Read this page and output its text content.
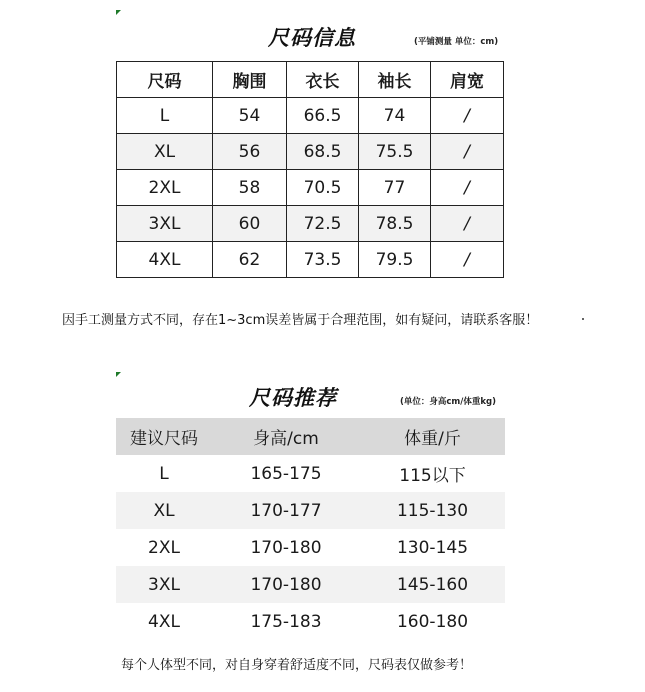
尺码信息	(平铺测量 单位：cm)
尺码	胸围	衣长	袖长	肩宽
L	54	66.5	74	/
XL	56	68.5	75.5	/
2XL	58	70.5	77	/
3XL	60	72.5	78.5	/
4XL	62	73.5	79.5	/
因手工测量方式不同，存在1~3cm误差皆属于合理范围，如有疑问，请联系客服！
尺码推荐	(单位：身高cm/体重kg)
建议尺码	身高/cm	体重/斤
L	165-175	115以下
XL	170-177	115-130
2XL	170-180	130-145
3XL	170-180	145-160
4XL	175-183	160-180
每个人体型不同，对自身穿着舒适度不同，尺码表仅做参考！
